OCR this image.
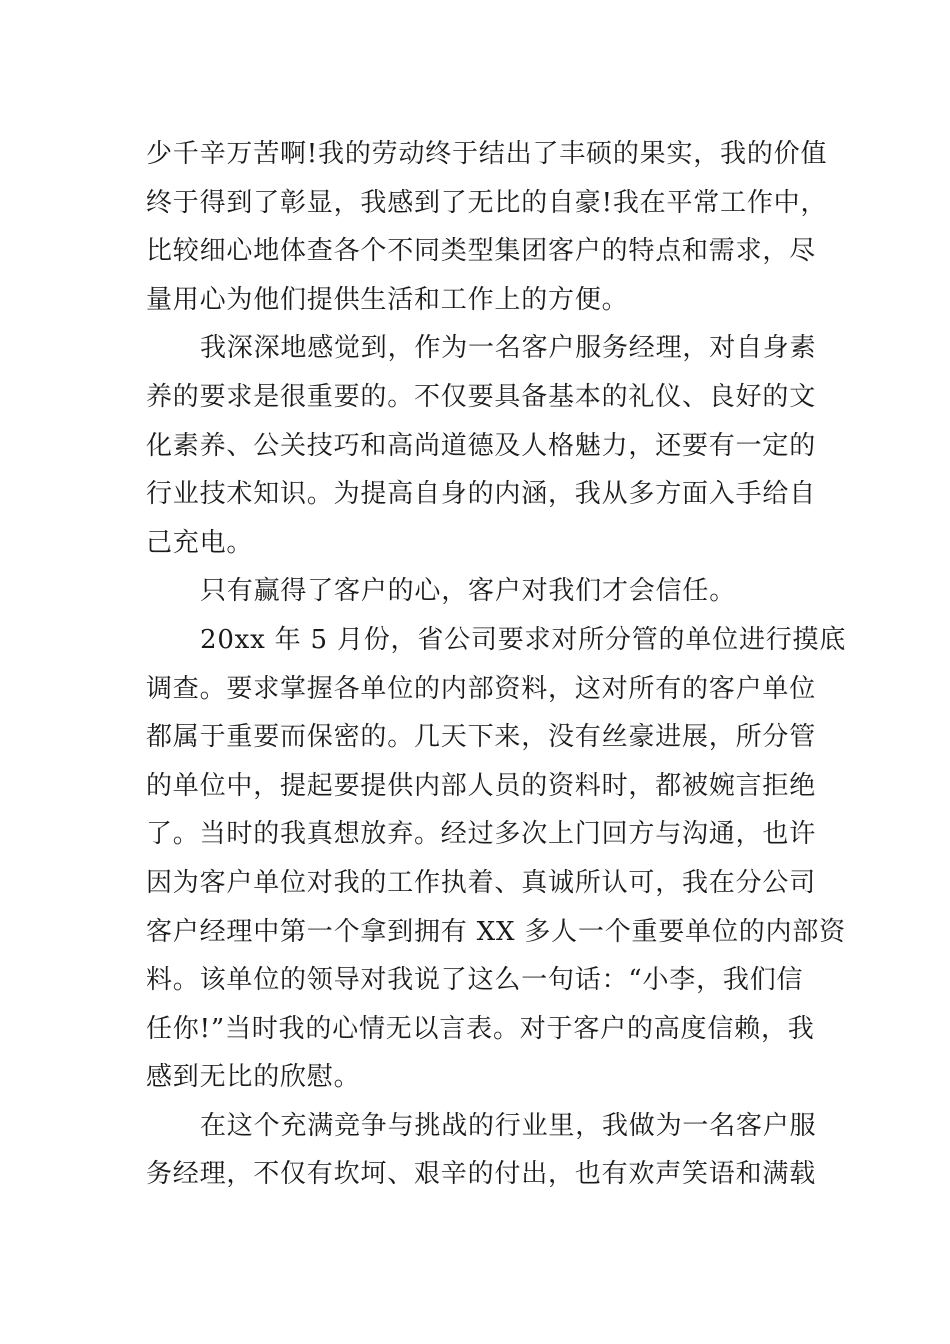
少千辛万苦啊!我的劳动终于结出了丰硕的果实，我的价值
终于得到了彰显，我感到了无比的自豪!我在平常工作中，
比较细心地体查各个不同类型集团客户的特点和需求，尽
量用心为他们提供生活和工作上的方便。
我深深地感觉到，作为一名客户服务经理，对自身素
养的要求是很重要的。不仅要具备基本的礼仪、良好的文
化素养、公关技巧和高尚道德及人格魅力，还要有一定的
行业技术知识。为提高自身的内涵，我从多方面入手给自
己充电。
只有赢得了客户的心，客户对我们才会信任。
20xx 年 5 月份，省公司要求对所分管的单位进行摸底
调查。要求掌握各单位的内部资料，这对所有的客户单位
都属于重要而保密的。几天下来，没有丝豪进展，所分管
的单位中，提起要提供内部人员的资料时，都被婉言拒绝
了。当时的我真想放弃。经过多次上门回方与沟通，也许
因为客户单位对我的工作执着、真诚所认可，我在分公司
客户经理中第一个拿到拥有 XX 多人一个重要单位的内部资
料。该单位的领导对我说了这么一句话：“小李，我们信
任你!”当时我的心情无以言表。对于客户的高度信赖，我
感到无比的欣慰。
在这个充满竞争与挑战的行业里，我做为一名客户服
务经理，不仅有坎坷、艰辛的付出，也有欢声笑语和满载
